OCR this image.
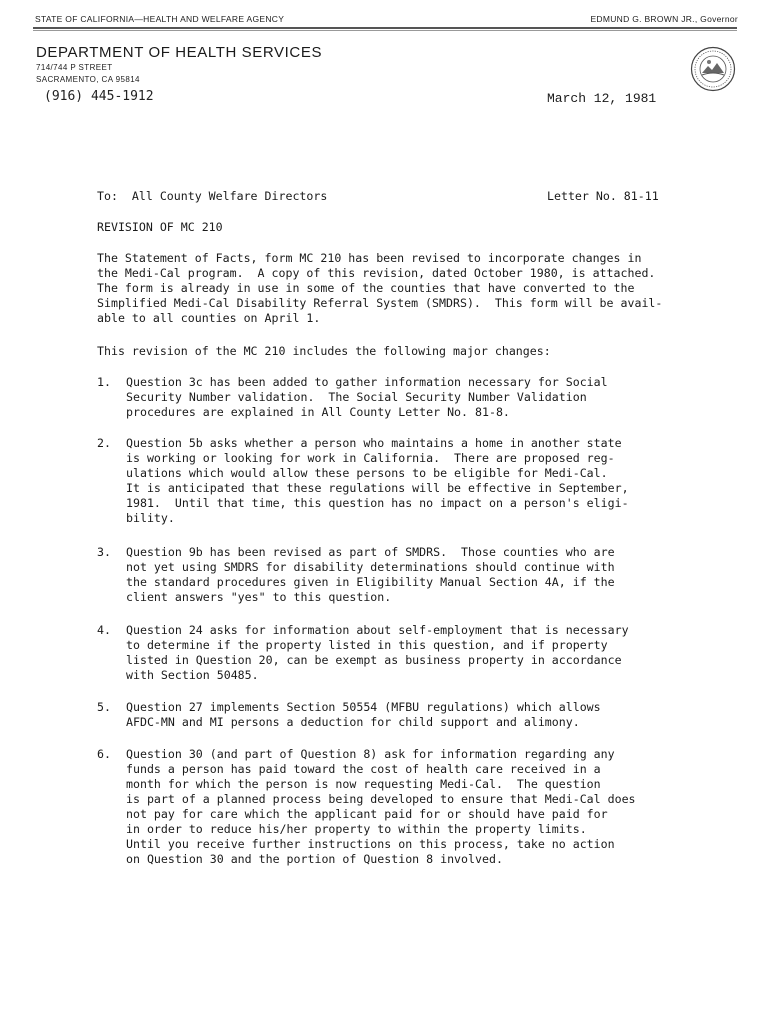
STATE OF CALIFORNIA—HEALTH AND WELFARE AGENCY	EDMUND G. BROWN JR., Governor
DEPARTMENT OF HEALTH SERVICES
714/744 P STREET
SACRAMENTO, CA 95814
(916) 445-1912	March 12, 1981
To:  All County Welfare Directors	Letter No. 81-11
REVISION OF MC 210
The Statement of Facts, form MC 210 has been revised to incorporate changes in
the Medi-Cal program.  A copy of this revision, dated October 1980, is attached.
The form is already in use in some of the counties that have converted to the
Simplified Medi-Cal Disability Referral System (SMDRS).  This form will be avail-
able to all counties on April 1.
This revision of the MC 210 includes the following major changes:
1. Question 3c has been added to gather information necessary for Social
Security Number validation.  The Social Security Number Validation
procedures are explained in All County Letter No. 81-8.
2. Question 5b asks whether a person who maintains a home in another state
is working or looking for work in California.  There are proposed reg-
ulations which would allow these persons to be eligible for Medi-Cal.
It is anticipated that these regulations will be effective in September,
1981.  Until that time, this question has no impact on a person's eligi-
bility.
3. Question 9b has been revised as part of SMDRS.  Those counties who are
not yet using SMDRS for disability determinations should continue with
the standard procedures given in Eligibility Manual Section 4A, if the
client answers "yes" to this question.
4. Question 24 asks for information about self-employment that is necessary
to determine if the property listed in this question, and if property
listed in Question 20, can be exempt as business property in accordance
with Section 50485.
5. Question 27 implements Section 50554 (MFBU regulations) which allows
AFDC-MN and MI persons a deduction for child support and alimony.
6. Question 30 (and part of Question 8) ask for information regarding any
funds a person has paid toward the cost of health care received in a
month for which the person is now requesting Medi-Cal.  The question
is part of a planned process being developed to ensure that Medi-Cal does
not pay for care which the applicant paid for or should have paid for
in order to reduce his/her property to within the property limits.
Until you receive further instructions on this process, take no action
on Question 30 and the portion of Question 8 involved.
